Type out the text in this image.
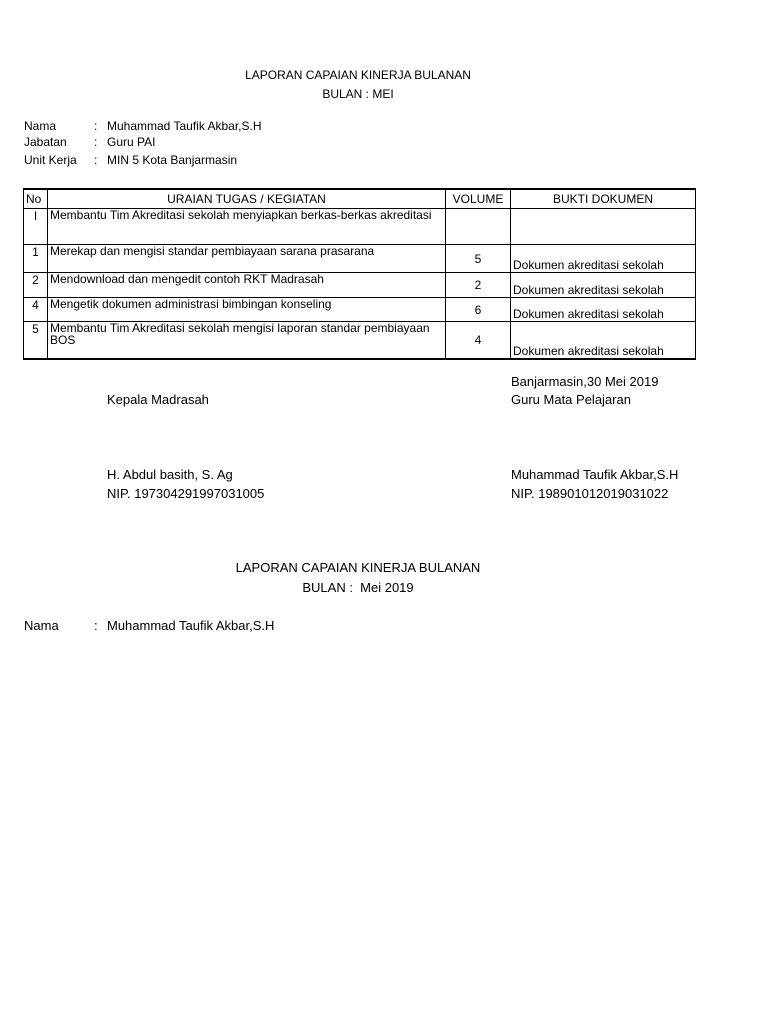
LAPORAN CAPAIAN KINERJA BULANAN
BULAN : MEI
Nama	: Muhammad Taufik Akbar,S.H
Jabatan : Guru PAI
Unit Kerja : MIN 5 Kota Banjarmasin
No	URAIAN TUGAS / KEGIATAN	VOLUME	BUKTI DOKUMEN
I	Membantu Tim Akreditasi sekolah menyiapkan berkas-berkas akreditasi		
1	Merekap dan mengisi standar pembiayaan sarana prasarana	5	Dokumen akreditasi sekolah
2	Mendownload dan mengedit contoh RKT Madrasah	2	Dokumen akreditasi sekolah
4	Mengetik dokumen administrasi bimbingan konseling	6	Dokumen akreditasi sekolah
5	Membantu Tim Akreditasi sekolah mengisi laporan standar pembiayaan BOS	4	Dokumen akreditasi sekolah
Banjarmasin,30 Mei 2019
Kepala Madrasah	Guru Mata Pelajaran
H. Abdul basith, S. Ag
NIP. 197304291997031005
Muhammad Taufik Akbar,S.H
NIP. 198901012019031022
LAPORAN CAPAIAN KINERJA BULANAN
BULAN :  Mei 2019
Nama	: Muhammad Taufik Akbar,S.H
